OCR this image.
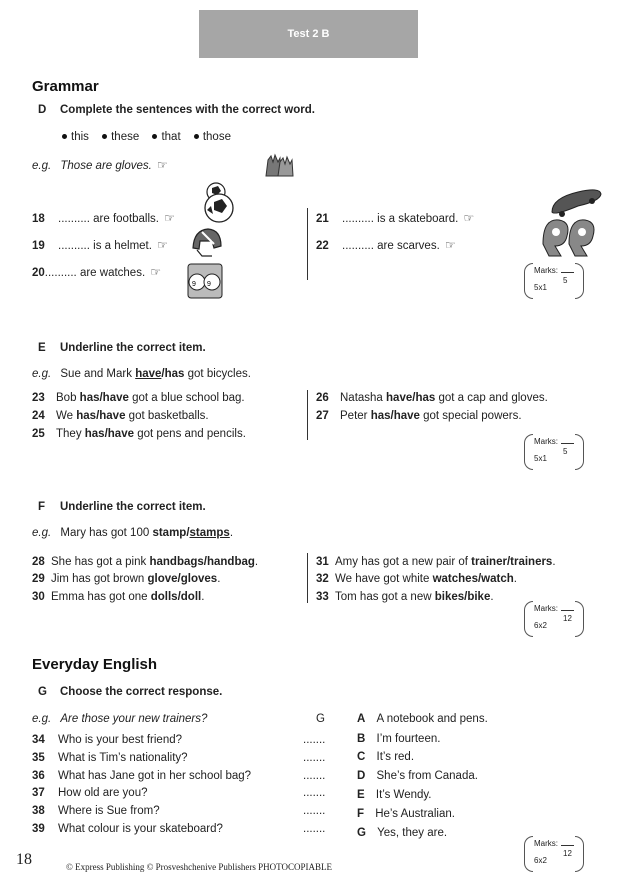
Test 2 B
Grammar
D Complete the sentences with the correct word.
this these that those
e.g. Those are gloves. ☞
9 9
18 .......... are footballs. ☞
19 .......... is a helmet. ☞
20.......... are watches. ☞
21 .......... is a skateboard. ☞
22 .......... are scarves. ☞
Marks:
5
5x1
E Underline the correct item.
e.g. Sue and Mark have/has got bicycles.
23 Bob has/have got a blue school bag.
24 We has/have got basketballs.
25 They has/have got pens and pencils.
26 Natasha have/has got a cap and gloves.
27 Peter has/have got special powers.
Marks:
5
5x1
F Underline the correct item.
e.g. Mary has got 100 stamp/stamps.
28 She has got a pink handbags/handbag.
29 Jim has got brown glove/gloves.
30 Emma has got one dolls/doll.
31 Amy has got a new pair of trainer/trainers.
32 We have got white watches/watch.
33 Tom has got a new bikes/bike.
Marks:
12
6x2
Everyday English
G Choose the correct response.
e.g. Are those your new trainers?	G
34 Who is your best friend?	.......
35 What is Tim’s nationality?	.......
36 What has Jane got in her school bag?	.......
37 How old are you?	.......
38 Where is Sue from?	.......
39 What colour is your skateboard?	.......
A A notebook and pens.
B I’m fourteen.
C It’s red.
D She’s from Canada.
E It’s Wendy.
F He’s Australian.
G Yes, they are.
Marks:
12
6x2
18	© Express Publishing © Prosveshchenive Publishers PHOTOCOPIABLE
